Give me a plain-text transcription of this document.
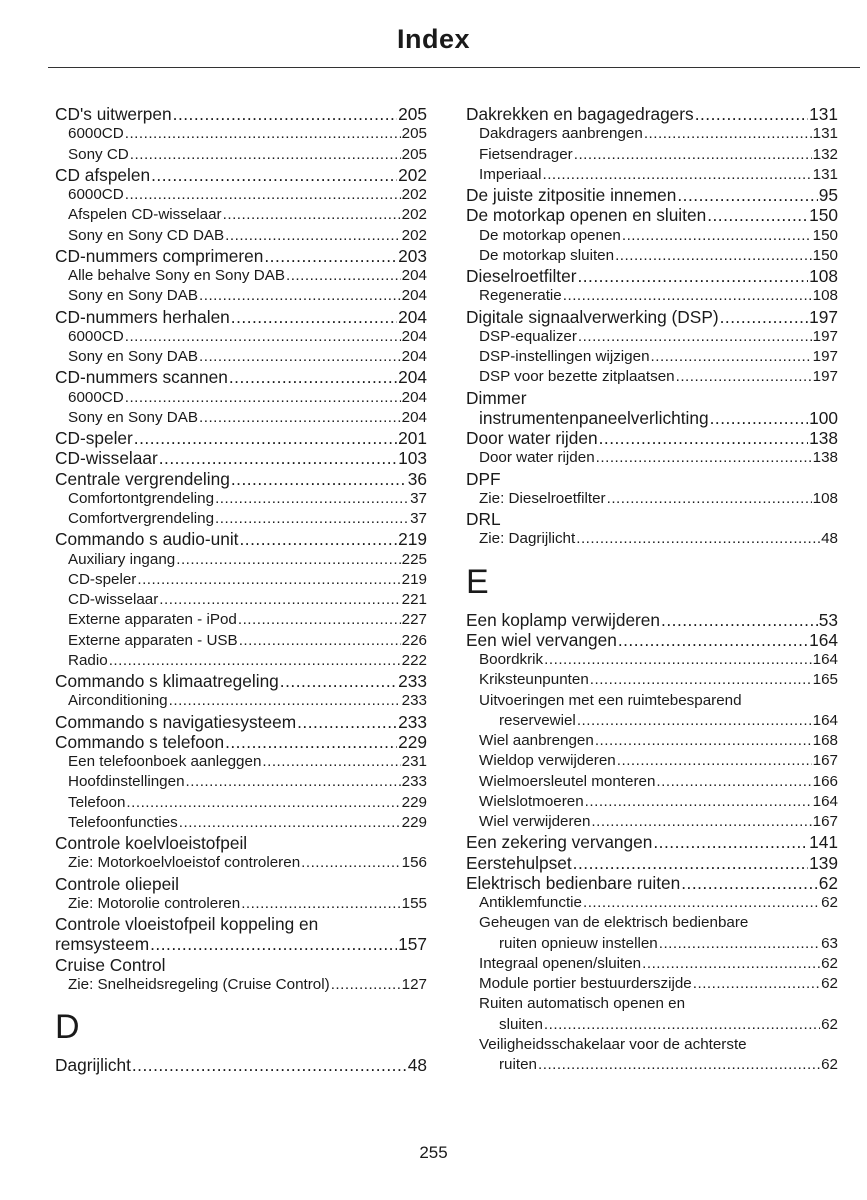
Index
CD's uitwerpen .....	205
6000CD .....	205
Sony CD .....	205
CD afspelen .....	202
6000CD .....	202
Afspelen CD-wisselaar .....	202
Sony en Sony CD DAB .....	202
CD-nummers comprimeren .....	203
Alle behalve Sony en Sony DAB .....	204
Sony en Sony DAB .....	204
CD-nummers herhalen .....	204
6000CD .....	204
Sony en Sony DAB .....	204
CD-nummers scannen .....	204
6000CD .....	204
Sony en Sony DAB .....	204
CD-speler .....	201
CD-wisselaar .....	103
Centrale vergrendeling .....	36
Comfortontgrendeling .....	37
Comfortvergrendeling .....	37
Commando s audio-unit .....	219
Auxiliary ingang .....	225
CD-speler .....	219
CD-wisselaar .....	221
Externe apparaten - iPod .....	227
Externe apparaten - USB .....	226
Radio .....	222
Commando s klimaatregeling .....	233
Airconditioning .....	233
Commando s navigatiesysteem .....	233
Commando s telefoon .....	229
Een telefoonboek aanleggen .....	231
Hoofdinstellingen .....	233
Telefoon .....	229
Telefoonfuncties .....	229
Controle koelvloeistofpeil
Zie: Motorkoelvloeistof controleren .....	156
Controle oliepeil
Zie: Motorolie controleren .....	155
Controle vloeistofpeil koppeling en
remsysteem .....	157
Cruise Control
Zie: Snelheidsregeling (Cruise Control) .....	127
D
Dagrijlicht .....	48
Dakrekken en bagagedragers .....	131
Dakdragers aanbrengen .....	131
Fietsendrager .....	132
Imperiaal .....	131
De juiste zitpositie innemen .....	95
De motorkap openen en sluiten .....	150
De motorkap openen .....	150
De motorkap sluiten .....	150
Dieselroetfilter .....	108
Regeneratie .....	108
Digitale signaalverwerking (DSP) .....	197
DSP-equalizer .....	197
DSP-instellingen wijzigen .....	197
DSP voor bezette zitplaatsen .....	197
Dimmer
instrumentenpaneelverlichting .....	100
Door water rijden .....	138
Door water rijden .....	138
DPF
Zie: Dieselroetfilter .....	108
DRL
Zie: Dagrijlicht .....	48
E
Een koplamp verwijderen .....	53
Een wiel vervangen .....	164
Boordkrik .....	164
Kriksteunpunten .....	165
Uitvoeringen met een ruimtebesparend
reservewiel .....	164
Wiel aanbrengen .....	168
Wieldop verwijderen .....	167
Wielmoersleutel monteren .....	166
Wielslotmoeren .....	164
Wiel verwijderen .....	167
Een zekering vervangen .....	141
Eerstehulpset .....	139
Elektrisch bedienbare ruiten .....	62
Antiklemfunctie .....	62
Geheugen van de elektrisch bedienbare
ruiten opnieuw instellen .....	63
Integraal openen/sluiten .....	62
Module portier bestuurderszijde .....	62
Ruiten automatisch openen en
sluiten .....	62
Veiligheidsschakelaar voor de achterste
ruiten .....	62
255
